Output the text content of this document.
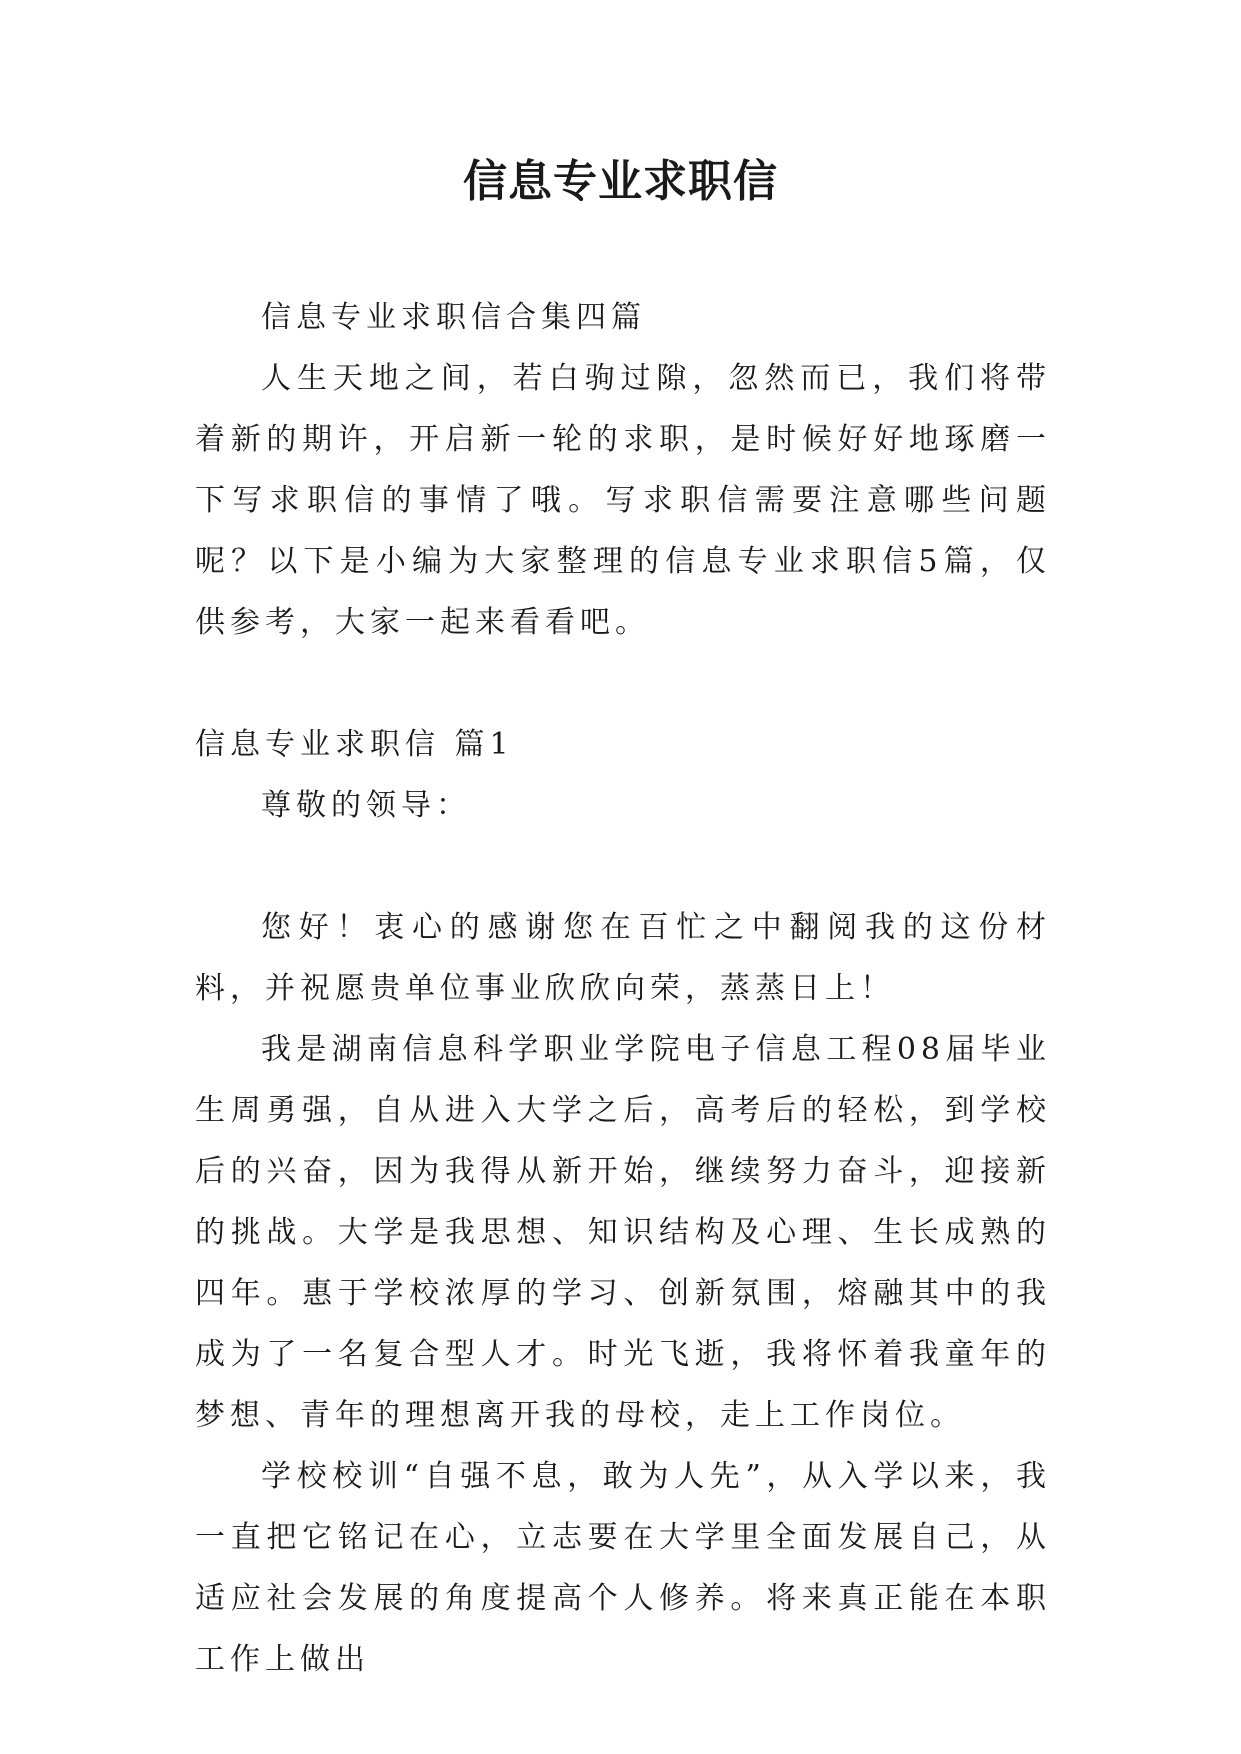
信息专业求职信

信息专业求职信合集四篇

人生天地之间，若白驹过隙，忽然而已，我们将带着新的期许，开启新一轮的求职，是时候好好地琢磨一下写求职信的事情了哦。写求职信需要注意哪些问题呢？以下是小编为大家整理的信息专业求职信5篇，仅供参考，大家一起来看看吧。

信息专业求职信 篇1

尊敬的领导：

您好！衷心的感谢您在百忙之中翻阅我的这份材料，并祝愿贵单位事业欣欣向荣，蒸蒸日上！

我是湖南信息科学职业学院电子信息工程08届毕业生周勇强，自从进入大学之后，高考后的轻松，到学校后的兴奋，因为我得从新开始，继续努力奋斗，迎接新的挑战。大学是我思想、知识结构及心理、生长成熟的四年。惠于学校浓厚的学习、创新氛围，熔融其中的我成为了一名复合型人才。时光飞逝，我将怀着我童年的梦想、青年的理想离开我的母校，走上工作岗位。

学校校训“自强不息，敢为人先”，从入学以来，我一直把它铭记在心，立志要在大学里全面发展自己，从适应社会发展的角度提高个人修养。将来真正能在本职工作上做出
